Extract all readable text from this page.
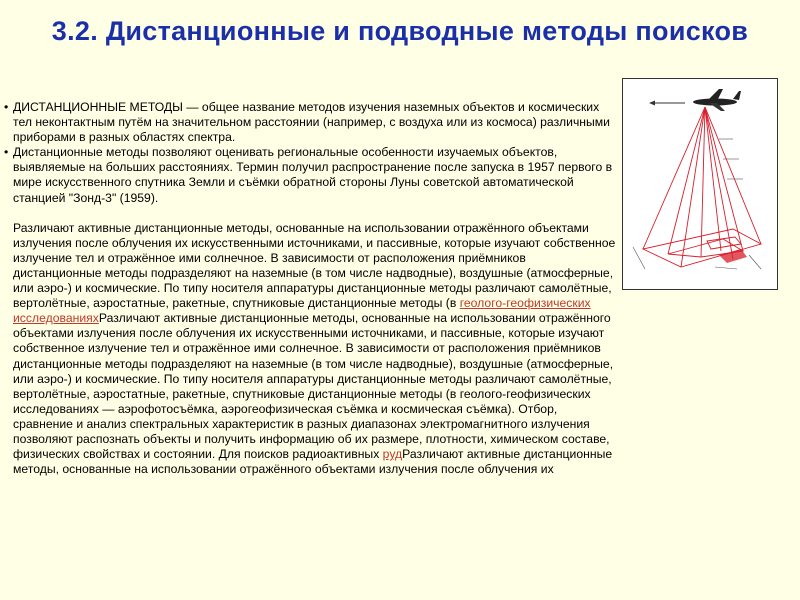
3.2. Дистанционные и подводные методы поисков

• ДИСТАНЦИОННЫЕ МЕТОДЫ — общее название методов изучения наземных объектов и космических тел неконтактным путём на значительном расстоянии (например, с воздуха или из космоса) различными приборами в разных областях спектра.

• Дистанционные методы позволяют оценивать региональные особенности изучаемых объектов, выявляемые на больших расстояниях. Термин получил распространение после запуска в 1957 первого в мире искусственного спутника Земли и съёмки обратной стороны Луны советской автоматической станцией "Зонд-3" (1959).

Различают активные дистанционные методы, основанные на использовании отражённого объектами излучения после облучения их искусственными источниками, и пассивные, которые изучают собственное излучение тел и отражённое ими солнечное. В зависимости от расположения приёмников дистанционные методы подразделяют на наземные (в том числе надводные), воздушные (атмосферные, или аэро-) и космические. По типу носителя аппаратуры дистанционные методы различают самолётные, вертолётные, аэростатные, ракетные, спутниковые дистанционные методы (в геолого-геофизических исследованияхРазличают активные дистанционные методы, основанные на использовании отражённого объектами излучения после облучения их искусственными источниками, и пассивные, которые изучают собственное излучение тел и отражённое ими солнечное. В зависимости от расположения приёмников дистанционные методы подразделяют на наземные (в том числе надводные), воздушные (атмосферные, или аэро-) и космические. По типу носителя аппаратуры дистанционные методы различают самолётные, вертолётные, аэростатные, ракетные, спутниковые дистанционные методы (в геолого-геофизических исследованиях — аэрофотосъёмка, аэрогеофизическая съёмка и космическая съёмка). Отбор, сравнение и анализ спектральных характеристик в разных диапазонах электромагнитного излучения позволяют распознать объекты и получить информацию об их размере, плотности, химическом составе, физических свойствах и состоянии. Для поисков радиоактивных рудРазличают активные дистанционные методы, основанные на использовании отражённого объектами излучения после облучения их
